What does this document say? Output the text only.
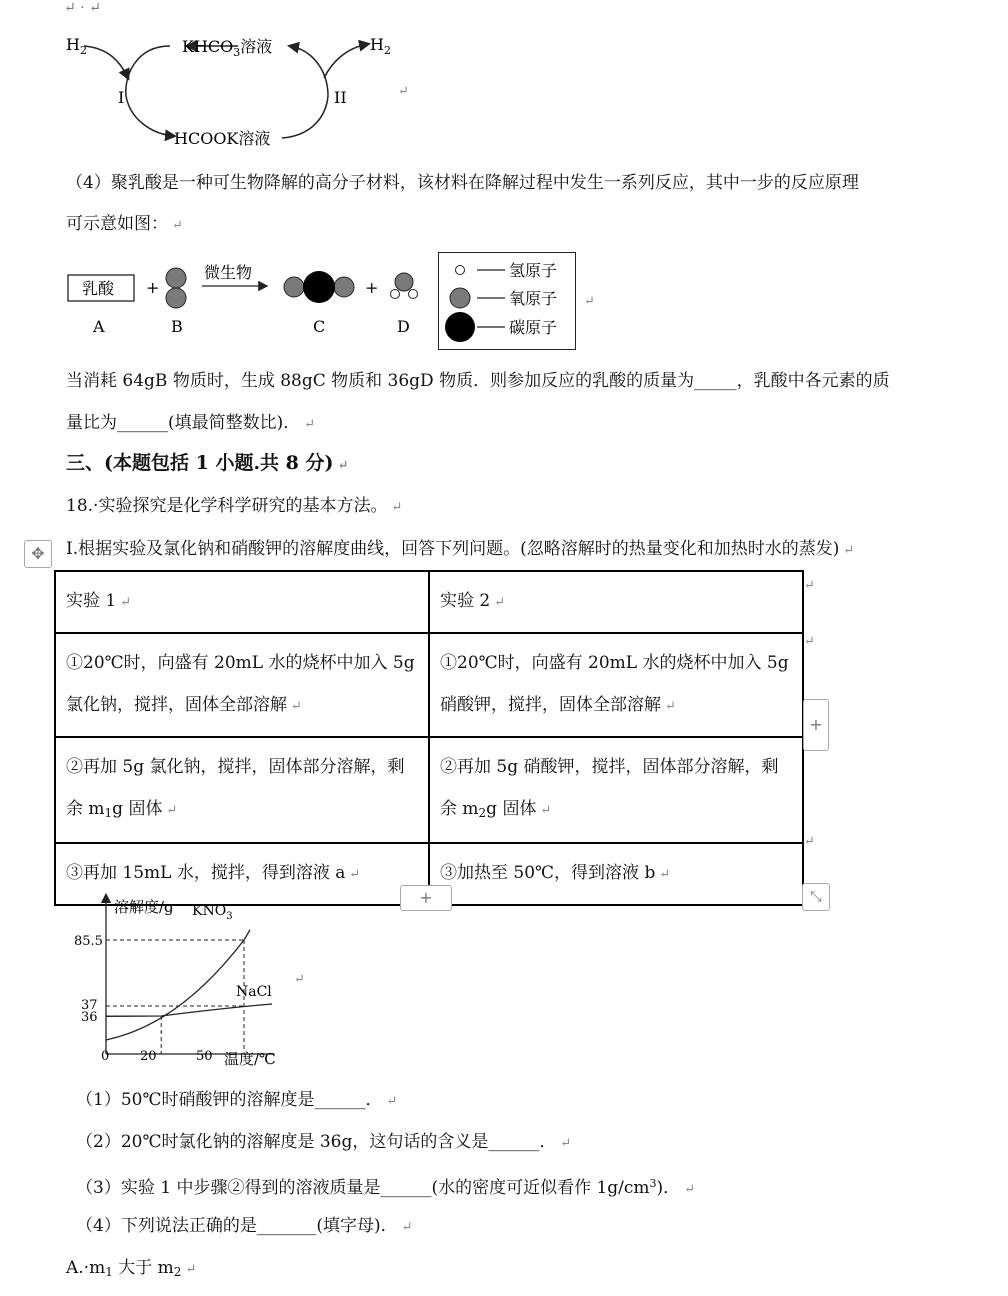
↵ · ↵
$H_2$	$KHCO_3$溶液	$H_2$
I	II
HCOOK溶液
↵
（4）聚乳酸是一种可生物降解的高分子材料，该材料在降解过程中发生一系列反应，其中一步的反应原理
可示意如图： ↵
乳酸 +
微生物
+
A	B	C	D
氢原子
氧原子
碳原子
↵
当消耗 64gB 物质时，生成 88gC 物质和 36gD 物质．则参加反应的乳酸的质量为_____，乳酸中各元素的质
量比为______(填最简整数比)． ↵
三、(本题包括 1 小题.共 8 分) ↵
18.·实验探究是化学科学研究的基本方法。 ↵
✥	I.根据实验及氯化钠和硝酸钾的溶解度曲线，回答下列问题。(忽略溶解时的热量变化和加热时水的蒸发) ↵
实验 1 ↵	实验 2 ↵
①20℃时，向盛有 20mL 水的烧杯中加入 5g 氯化钠，搅拌，固体全部溶解 ↵	①20℃时，向盛有 20mL 水的烧杯中加入 5g 硝酸钾，搅拌，固体全部溶解 ↵
②再加 5g 氯化钠，搅拌，固体部分溶解，剩余 $m_1g$ 固体 ↵	②再加 5g 硝酸钾，搅拌，固体部分溶解，剩余 $m_2g$ 固体 ↵
③再加 15mL 水，搅拌，得到溶液 a ↵	③加热至 50℃，得到溶液 b ↵
↵
↵
↵
+
+	⤡
溶解度/g $KNO_3$
NaCl
85.5
37
36
0 20	50 温度/℃
↵
（1）50℃时硝酸钾的溶解度是______． ↵
（2）20℃时氯化钠的溶解度是 36g，这句话的含义是______． ↵
（3）实验 1 中步骤②得到的溶液质量是______(水的密度可近似看作 $1g/cm^3$)． ↵
（4）下列说法正确的是_______(填字母)． ↵
$A.\cdot m_1$ 大于 $m_2$ ↵
